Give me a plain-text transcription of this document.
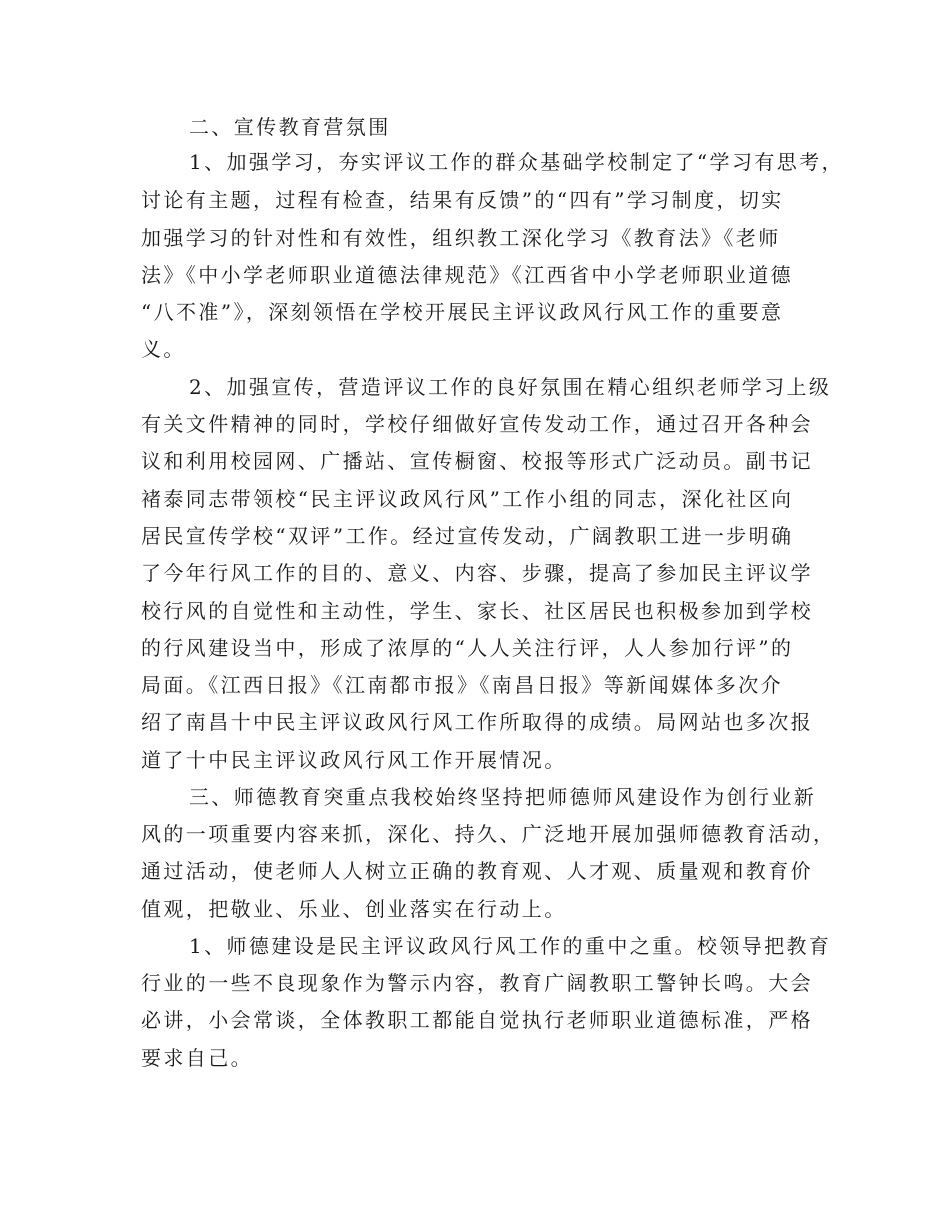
二、宣传教育营氛围
1、加强学习，夯实评议工作的群众基础学校制定了“学习有思考，
讨论有主题，过程有检查，结果有反馈”的“四有”学习制度，切实
加强学习的针对性和有效性，组织教工深化学习《教育法》《老师
法》《中小学老师职业道德法律规范》《江西省中小学老师职业道德
“八不准”》，深刻领悟在学校开展民主评议政风行风工作的重要意
义。
2、加强宣传，营造评议工作的良好氛围在精心组织老师学习上级
有关文件精神的同时，学校仔细做好宣传发动工作，通过召开各种会
议和利用校园网、广播站、宣传橱窗、校报等形式广泛动员。副书记
褚泰同志带领校“民主评议政风行风”工作小组的同志，深化社区向
居民宣传学校“双评”工作。经过宣传发动，广阔教职工进一步明确
了今年行风工作的目的、意义、内容、步骤，提高了参加民主评议学
校行风的自觉性和主动性，学生、家长、社区居民也积极参加到学校
的行风建设当中，形成了浓厚的“人人关注行评，人人参加行评”的
局面。《江西日报》《江南都市报》《南昌日报》等新闻媒体多次介
绍了南昌十中民主评议政风行风工作所取得的成绩。局网站也多次报
道了十中民主评议政风行风工作开展情况。
三、师德教育突重点我校始终坚持把师德师风建设作为创行业新
风的一项重要内容来抓，深化、持久、广泛地开展加强师德教育活动，
通过活动，使老师人人树立正确的教育观、人才观、质量观和教育价
值观，把敬业、乐业、创业落实在行动上。
1、师德建设是民主评议政风行风工作的重中之重。校领导把教育
行业的一些不良现象作为警示内容，教育广阔教职工警钟长鸣。大会
必讲，小会常谈，全体教职工都能自觉执行老师职业道德标准，严格
要求自己。
